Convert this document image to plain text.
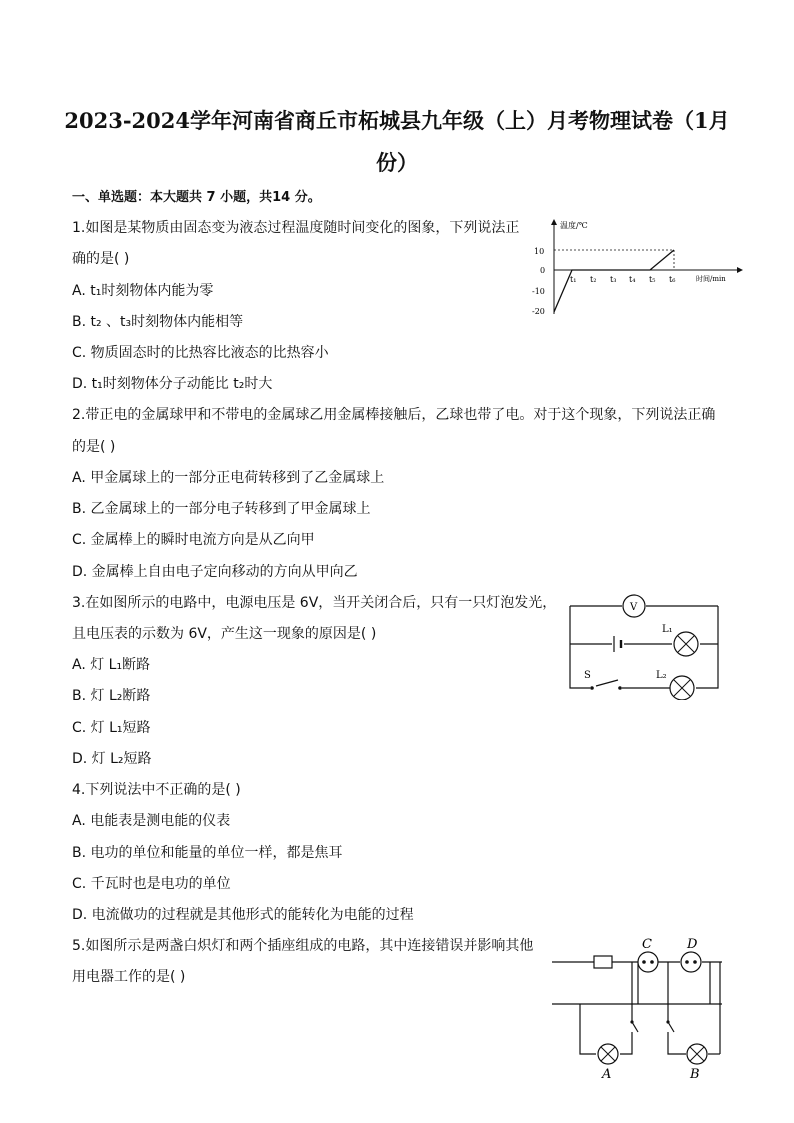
2023-2024学年河南省商丘市柘城县九年级（上）月考物理试卷（1月
份）
一、单选题：本大题共 7 小题，共14 分。
1.如图是某物质由固态变为液态过程温度随时间变化的图象，下列说法正
确的是( )
A. t₁时刻物体内能为零
B. t₂ 、t₃时刻物体内能相等
C. 物质固态时的比热容比液态的比热容小
D. t₁时刻物体分子动能比 t₂时大
2.带正电的金属球甲和不带电的金属球乙用金属棒接触后，乙球也带了电。对于这个现象，下列说法正确
的是( )
A. 甲金属球上的一部分正电荷转移到了乙金属球上
B. 乙金属球上的一部分电子转移到了甲金属球上
C. 金属棒上的瞬时电流方向是从乙向甲
D. 金属棒上自由电子定向移动的方向从甲向乙
3.在如图所示的电路中，电源电压是 6V，当开关闭合后，只有一只灯泡发光，
且电压表的示数为 6V，产生这一现象的原因是( )
A. 灯 L₁断路
B. 灯 L₂断路
C. 灯 L₁短路
D. 灯 L₂短路
4.下列说法中不正确的是( )
A. 电能表是测电能的仪表
B. 电功的单位和能量的单位一样，都是焦耳
C. 千瓦时也是电功的单位
D. 电流做功的过程就是其他形式的能转化为电能的过程
5.如图所示是两盏白炽灯和两个插座组成的电路，其中连接错误并影响其他
用电器工作的是( )
温度/℃
时间/min
10
0
-10
-20
t₁ t₂ t₃ t₄ t₅ t₆
V
L₁
L₂
S
C	D
A	B
